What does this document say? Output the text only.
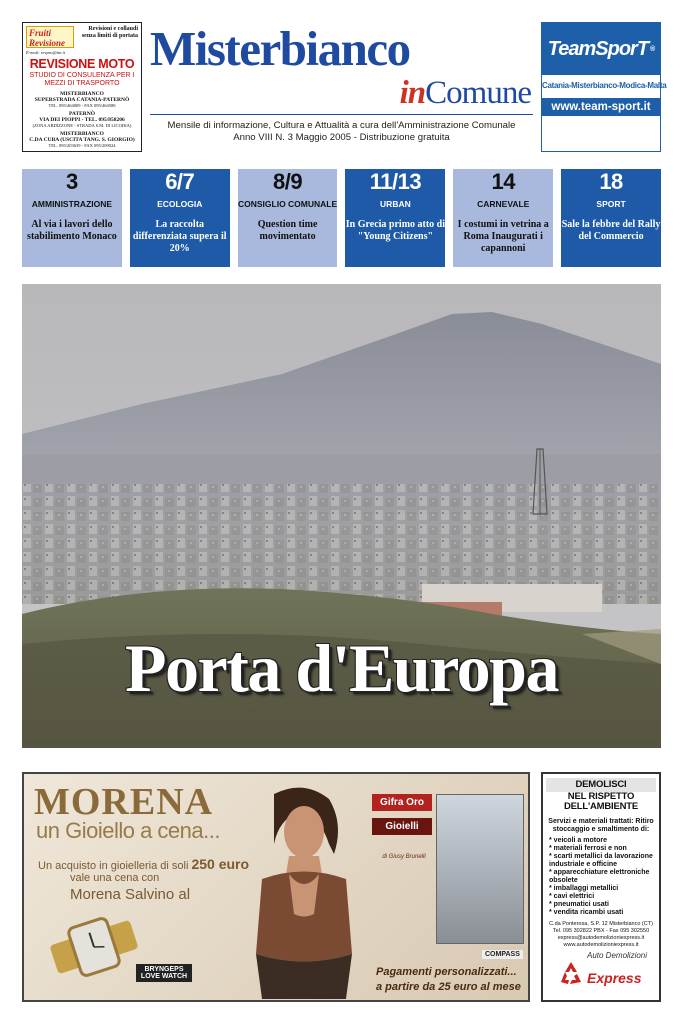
Fruiti Revisione
Revisioni e collaudi senza limiti di portata
E-mail: revpro@tin.it
REVISIONE MOTO
STUDIO DI CONSULENZA PER I MEZZI DI TRASPORTO
MISTERBIANCO
SUPERSTRADA CATANIA-PATERNÒ
TEL. 095/464009 - FAX 095/464588
PATERNÒ
VIA DEI PIOPPI - TEL. 095/858206
(ZONA ARDIZZONE - STRADA S.M. DI LICODIA)
MISTERBIANCO
C.DA CUBA (USCITA TANG. S. GIORGIO)
TEL. 095/203639 - FAX 095/209024
Misterbianco
inComune
Mensile di informazione, Cultura e Attualità a cura dell'Amministrazione Comunale
Anno VIII N. 3 Maggio 2005 - Distribuzione gratuita
TeamSporT ®
Catania-Misterbianco-Modica-Malta
www.team-sport.it
3
AMMINISTRAZIONE
Al via i lavori dello stabilimento Monaco
6/7
ECOLOGIA
La raccolta differenziata supera il 20%
8/9
CONSIGLIO COMUNALE
Question time movimentato
11/13
URBAN
In Grecia primo atto di "Young Citizens"
14
CARNEVALE
I costumi in vetrina a Roma Inaugurati i capannoni
18
SPORT
Sale la febbre del Rally del Commercio
Porta d'Europa
MORENA
un Gioiello a cena...
Un acquisto in gioielleria di soli 250 euro
vale una cena con
Morena Salvino al
BRYNGEPS LOVE WATCH
Gifra Oro
Gioielli
di Giusy Brunelli
COMPASS
Pagamenti personalizzati...
a partire da 25 euro al mese
DEMOLISCI
NEL RISPETTO DELL'AMBIENTE
Servizi e materiali trattati: Ritiro stoccaggio e smaltimento di:
* veicoli a motore
* materiali ferrosi e non
* scarti metallici da lavorazione industriale e officine
* apparecchiature elettroniche obsolete
* imballaggi metallici
* cavi elettrici
* pneumatici usati
* vendita ricambi usati
C.da Ponterosa, S.P. 12 Misterbianco (CT)
Tel. 095 302822 PBX - Fax 095 302550
express@autodemolizioniexpress.it
www.autodemolizioniexpress.it
Auto Demolizioni
Express
